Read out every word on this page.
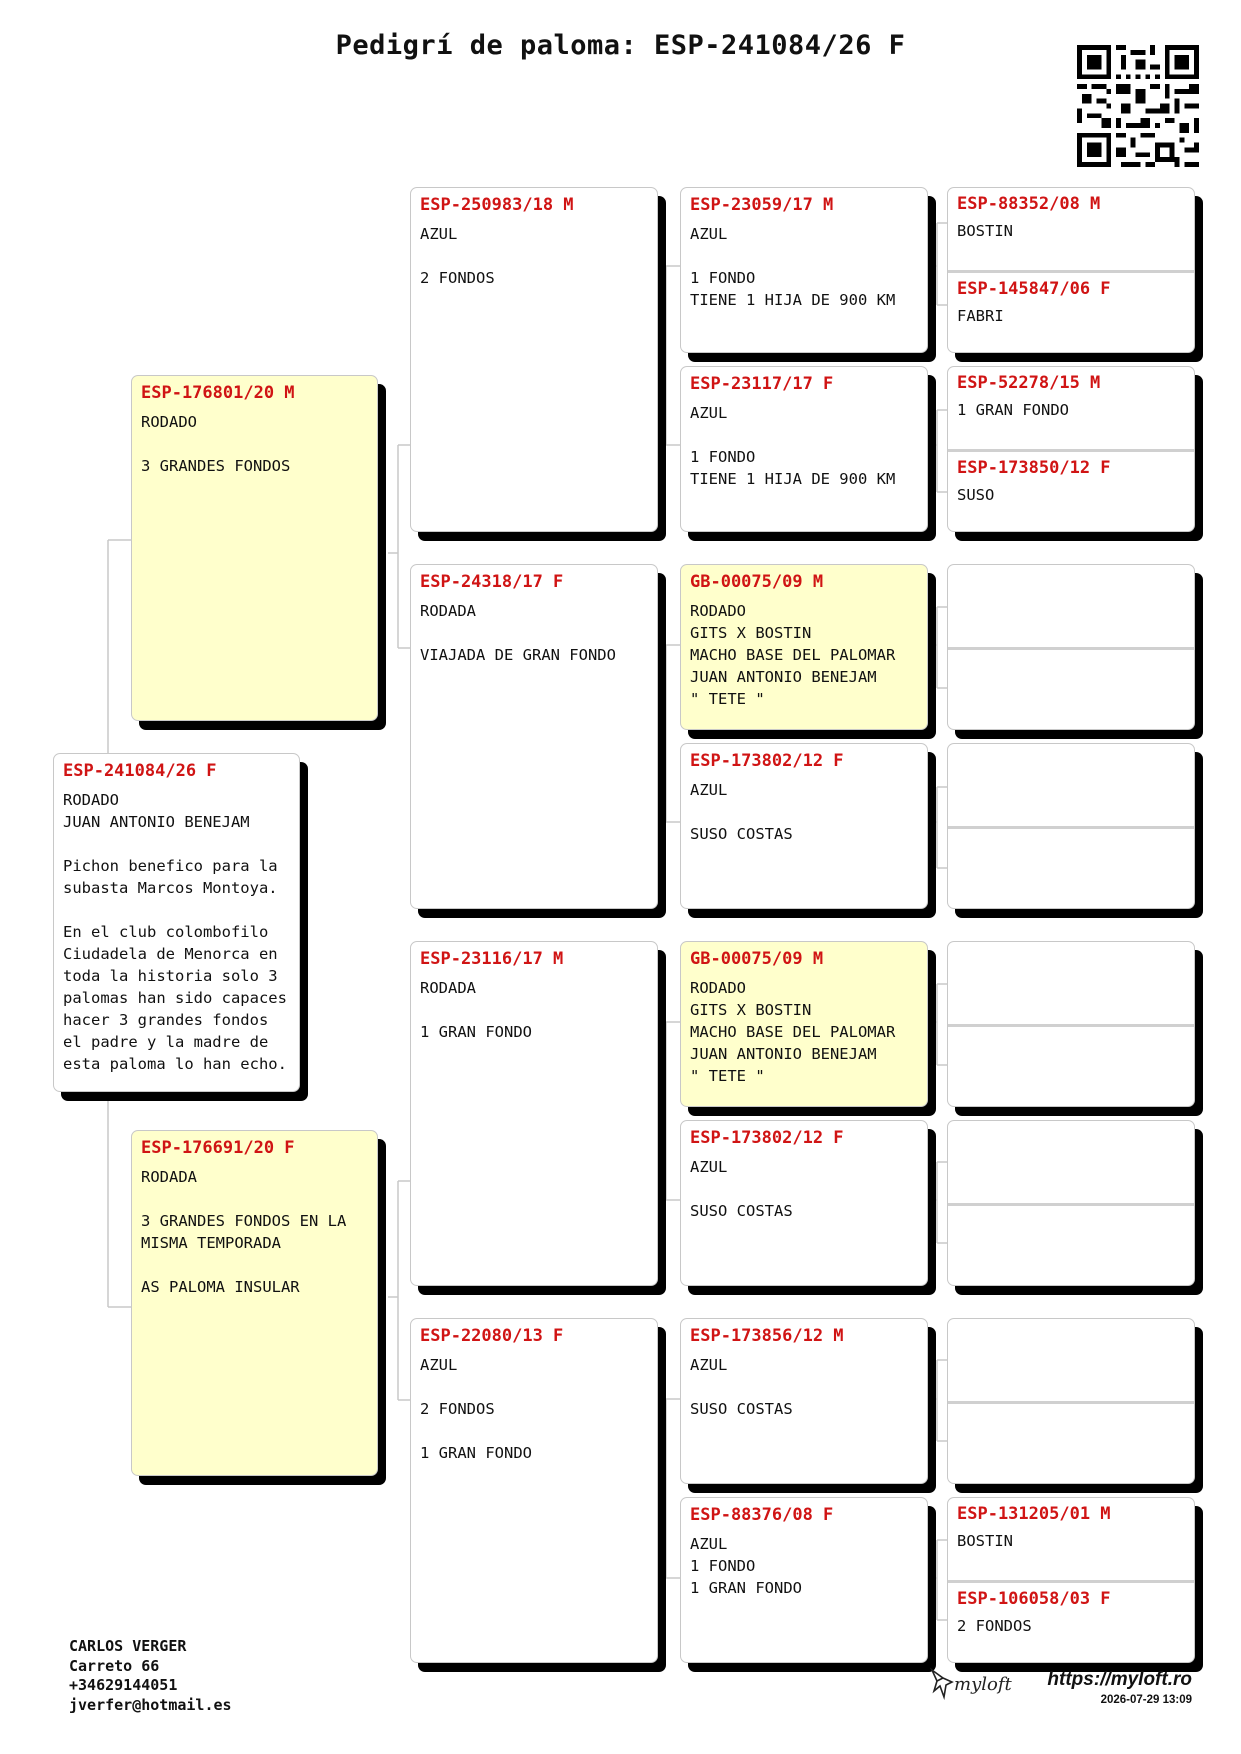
Pedigrí de paloma: ESP-241084/26 F
ESP-241084/26 F
RODADO
JUAN ANTONIO BENEJAM

Pichon benefico para la
subasta Marcos Montoya.

En el club colombofilo
Ciudadela de Menorca en
toda la historia solo 3
palomas han sido capaces
hacer 3 grandes fondos
el padre y la madre de
esta paloma lo han echo.
ESP-176801/20 M
RODADO

3 GRANDES FONDOS
ESP-176691/20 F
RODADA

3 GRANDES FONDOS EN LA
MISMA TEMPORADA

AS PALOMA INSULAR
ESP-250983/18 M
AZUL

2 FONDOS
ESP-24318/17 F
RODADA

VIAJADA DE GRAN FONDO
ESP-23116/17 M
RODADA

1 GRAN FONDO
ESP-22080/13 F
AZUL

2 FONDOS

1 GRAN FONDO
ESP-23059/17 M
AZUL

1 FONDO
TIENE 1 HIJA DE 900 KM
ESP-23117/17 F
AZUL

1 FONDO
TIENE 1 HIJA DE 900 KM
GB-00075/09 M
RODADO
GITS X BOSTIN
MACHO BASE DEL PALOMAR
JUAN ANTONIO BENEJAM
" TETE "
ESP-173802/12 F
AZUL

SUSO COSTAS
GB-00075/09 M
RODADO
GITS X BOSTIN
MACHO BASE DEL PALOMAR
JUAN ANTONIO BENEJAM
" TETE "
ESP-173802/12 F
AZUL

SUSO COSTAS
ESP-173856/12 M
AZUL

SUSO COSTAS
ESP-88376/08 F
AZUL
1 FONDO
1 GRAN FONDO
ESP-88352/08 M
BOSTIN
ESP-145847/06 F
FABRI
ESP-52278/15 M
1 GRAN FONDO
ESP-173850/12 F
SUSO
ESP-131205/01 M
BOSTIN
ESP-106058/03 F
2 FONDOS
CARLOS VERGER
Carreto 66
+34629144051
jverfer@hotmail.es
myloft	https://myloft.ro
2026-07-29 13:09
